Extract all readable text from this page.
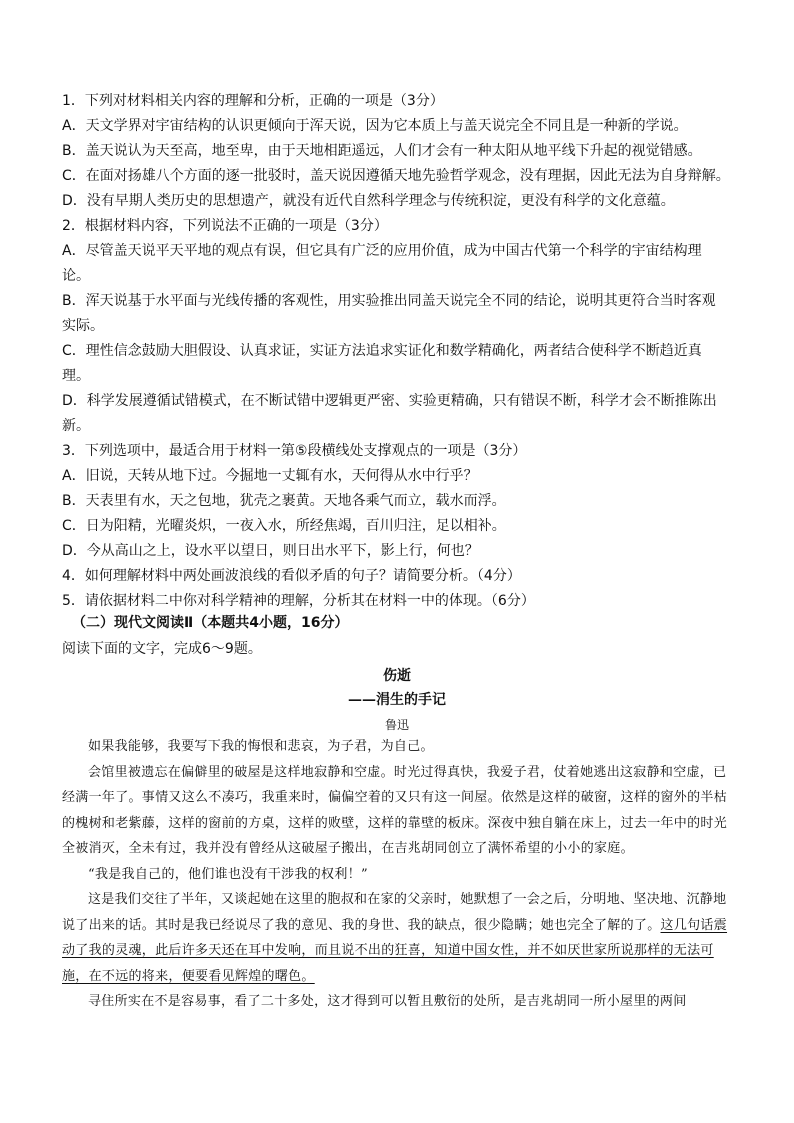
1．下列对材料相关内容的理解和分析，正确的一项是（3分）
A．天文学界对宇宙结构的认识更倾向于浑天说，因为它本质上与盖天说完全不同且是一种新的学说。
B．盖天说认为天至高，地至卑，由于天地相距遥远，人们才会有一种太阳从地平线下升起的视觉错感。
C．在面对扬雄八个方面的逐一批驳时，盖天说因遵循天地先验哲学观念，没有理据，因此无法为自身辩解。
D．没有早期人类历史的思想遗产，就没有近代自然科学理念与传统积淀，更没有科学的文化意蕴。
2．根据材料内容，下列说法不正确的一项是（3分）
A．尽管盖天说平天平地的观点有误，但它具有广泛的应用价值，成为中国古代第一个科学的宇宙结构理
论。
B．浑天说基于水平面与光线传播的客观性，用实验推出同盖天说完全不同的结论，说明其更符合当时客观
实际。
C．理性信念鼓励大胆假设、认真求证，实证方法追求实证化和数学精确化，两者结合使科学不断趋近真
理。
D．科学发展遵循试错模式，在不断试错中逻辑更严密、实验更精确，只有错误不断，科学才会不断推陈出
新。
3．下列选项中，最适合用于材料一第⑤段横线处支撑观点的一项是（3分）
A．旧说，天转从地下过。今掘地一丈辄有水，天何得从水中行乎？
B．天表里有水，天之包地，犹壳之裹黄。天地各乘气而立，载水而浮。
C．日为阳精，光曜炎炽，一夜入水，所经焦竭，百川归注，足以相补。
D．今从高山之上，设水平以望日，则日出水平下，影上行，何也？
4．如何理解材料中两处画波浪线的看似矛盾的句子？请简要分析。（4分）
5．请依据材料二中你对科学精神的理解，分析其在材料一中的体现。（6分）
（二）现代文阅读Ⅱ（本题共4小题，16分）
阅读下面的文字，完成6～9题。
伤逝
——涓生的手记
鲁迅

如果我能够，我要写下我的悔恨和悲哀，为子君，为自己。

会馆里被遗忘在偏僻里的破屋是这样地寂静和空虚。时光过得真快，我爱子君，仗着她逃出这寂静和空虚，已经满一年了。事情又这么不凑巧，我重来时，偏偏空着的又只有这一间屋。依然是这样的破窗，这样的窗外的半枯的槐树和老紫藤，这样的窗前的方桌，这样的败壁，这样的靠壁的板床。深夜中独自躺在床上，过去一年中的时光全被消灭，全未有过，我并没有曾经从这破屋子搬出，在吉兆胡同创立了满怀希望的小小的家庭。

“我是我自己的，他们谁也没有干涉我的权利！”

这是我们交往了半年，又谈起她在这里的胞叔和在家的父亲时，她默想了一会之后，分明地、坚决地、沉静地说了出来的话。其时是我已经说尽了我的意见、我的身世、我的缺点，很少隐瞒；她也完全了解的了。这几句话震动了我的灵魂，此后许多天还在耳中发响，而且说不出的狂喜，知道中国女性，并不如厌世家所说那样的无法可施，在不远的将来，便要看见辉煌的曙色。

寻住所实在不是容易事，看了二十多处，这才得到可以暂且敷衍的处所，是吉兆胡同一所小屋里的两间
